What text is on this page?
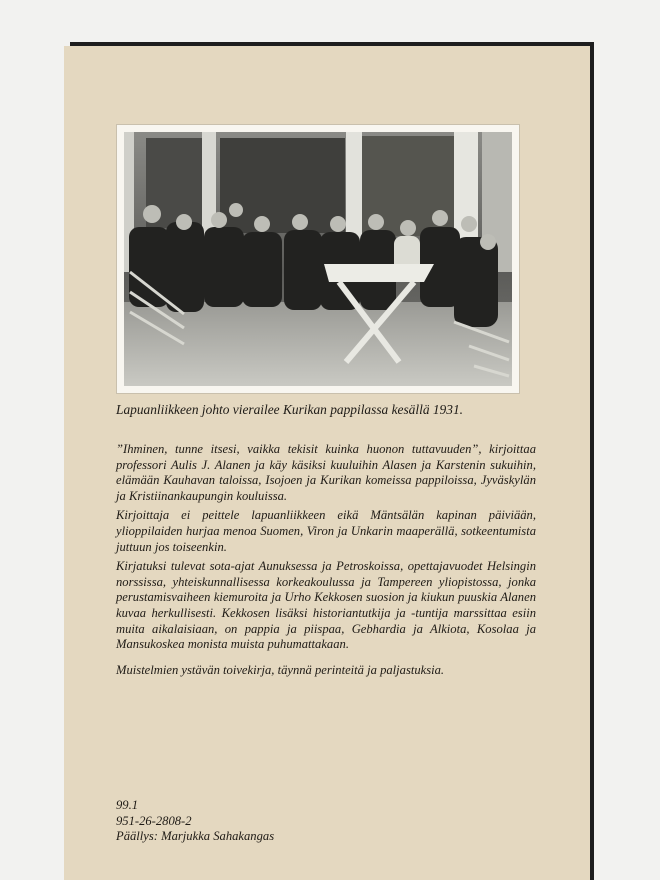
Lapuanliikkeen johto vierailee Kurikan pappilassa kesällä 1931.

”Ihminen, tunne itsesi, vaikka tekisit kuinka huonon tuttavuuden”, kirjoittaa professori Aulis J. Alanen ja käy käsiksi kuuluihin Alasen ja Karstenin sukuihin, elämään Kauhavan taloissa, Isojoen ja Kurikan komeissa pappiloissa, Jyväskylän ja Kristiinankaupungin kouluissa.

Kirjoittaja ei peittele lapuanliikkeen eikä Mäntsälän kapinan päiviään, ylioppilaiden hurjaa menoa Suomen, Viron ja Unkarin maaperällä, sotkeentumista juttuun jos toiseenkin.

Kirjatuksi tulevat sota-ajat Aunuksessa ja Petroskoissa, opettajavuodet Helsingin norssissa, yhteiskunnallisessa korkeakoulussa ja Tampereen yliopistossa, jonka perustamisvaiheen kiemuroita ja Urho Kekkosen suosion ja kiukun puuskia Alanen kuvaa herkullisesti. Kekkosen lisäksi historiantutkija ja -tuntija marssittaa esiin muita aikalaisiaan, on pappia ja piispaa, Gebhardia ja Alkiota, Kosolaa ja Mansukoskea monista muista puhumattakaan.

Muistelmien ystävän toivekirja, täynnä perinteitä ja paljastuksia.

99.1
951-26-2808-2
Päällys: Marjukka Sahakangas
